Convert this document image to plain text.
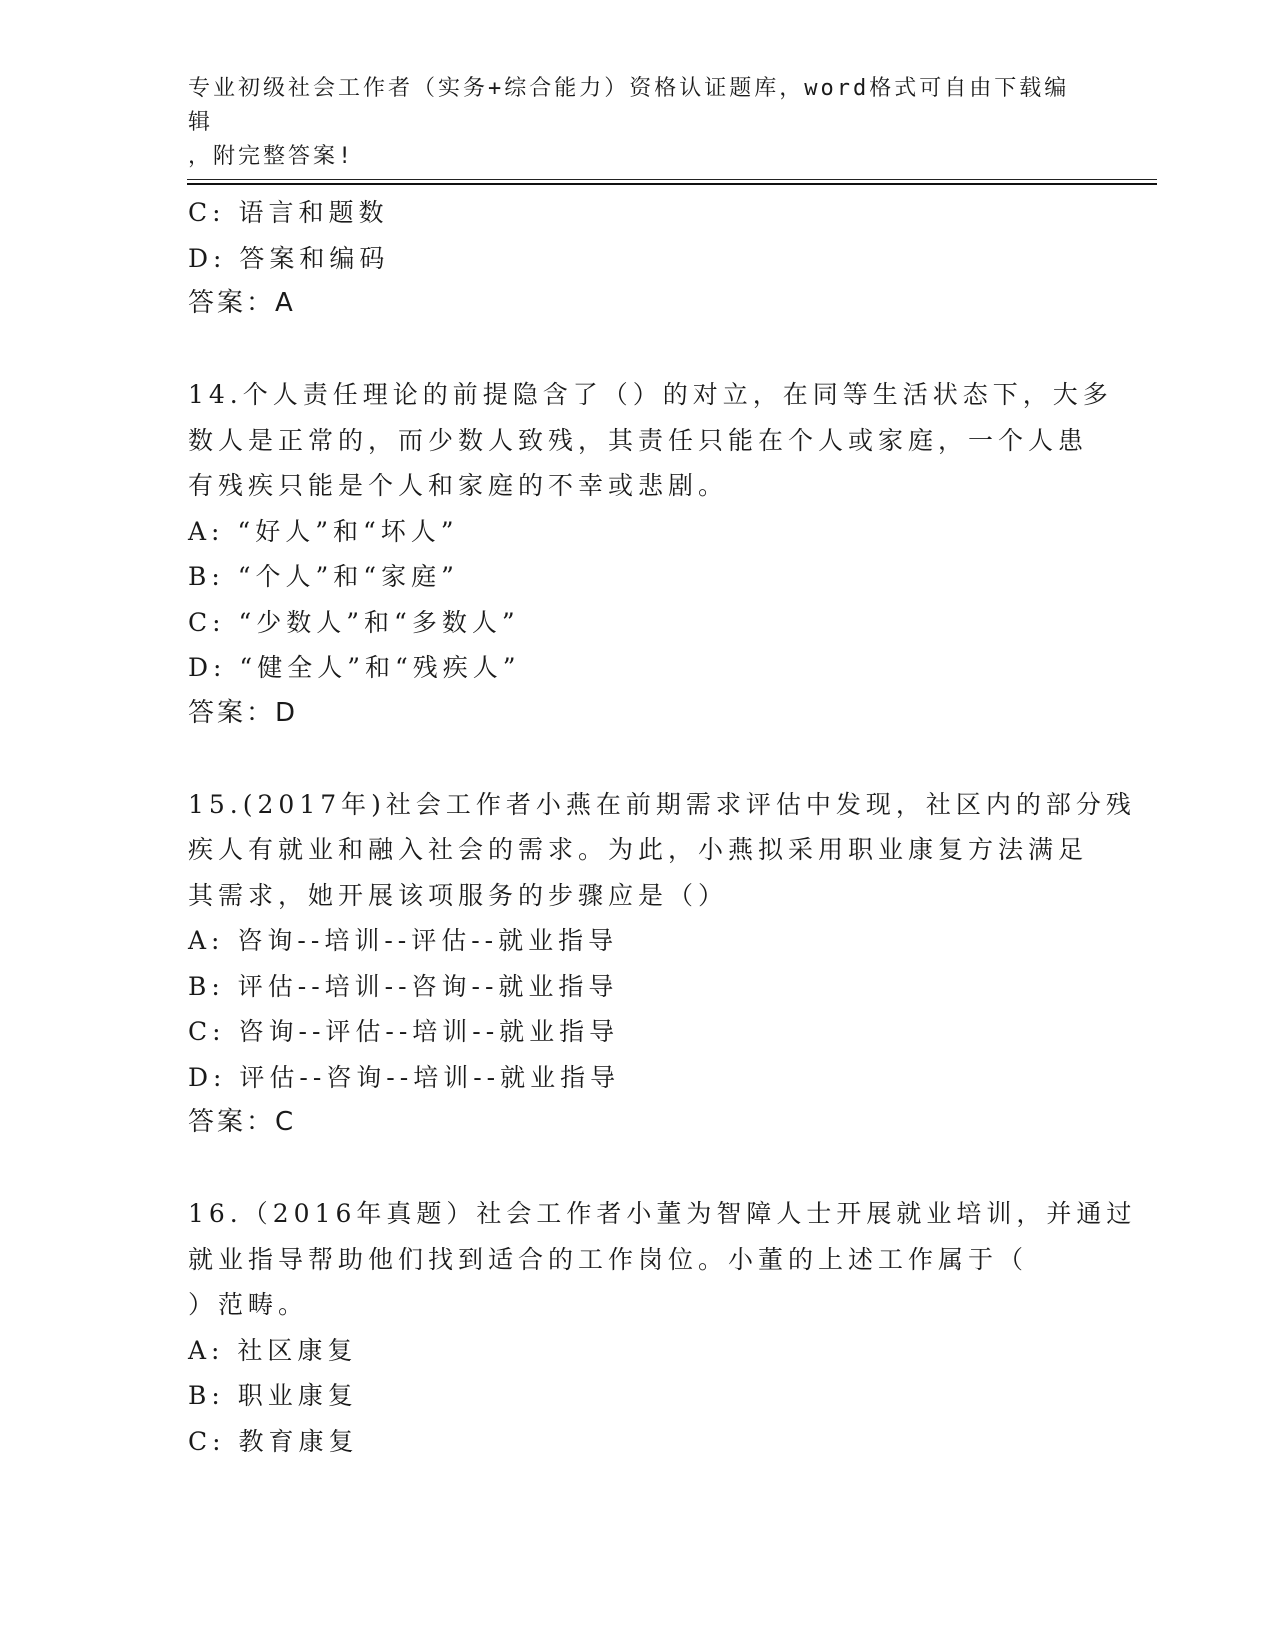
专业初级社会工作者（实务+综合能力）资格认证题库，word格式可自由下载编辑
，附完整答案!
C: 语言和题数
D: 答案和编码
答案：A
14.个人责任理论的前提隐含了（）的对立，在同等生活状态下，大多
数人是正常的，而少数人致残，其责任只能在个人或家庭，一个人患
有残疾只能是个人和家庭的不幸或悲剧。
A: “好人”和“坏人”
B: “个人”和“家庭”
C: “少数人”和“多数人”
D: “健全人”和“残疾人”
答案：D
15.(2017年)社会工作者小燕在前期需求评估中发现，社区内的部分残
疾人有就业和融入社会的需求。为此，小燕拟采用职业康复方法满足
其需求，她开展该项服务的步骤应是（）
A: 咨询--培训--评估--就业指导
B: 评估--培训--咨询--就业指导
C: 咨询--评估--培训--就业指导
D: 评估--咨询--培训--就业指导
答案：C
16.（2016年真题）社会工作者小董为智障人士开展就业培训，并通过
就业指导帮助他们找到适合的工作岗位。小董的上述工作属于（
）范畴。
A: 社区康复
B: 职业康复
C: 教育康复
